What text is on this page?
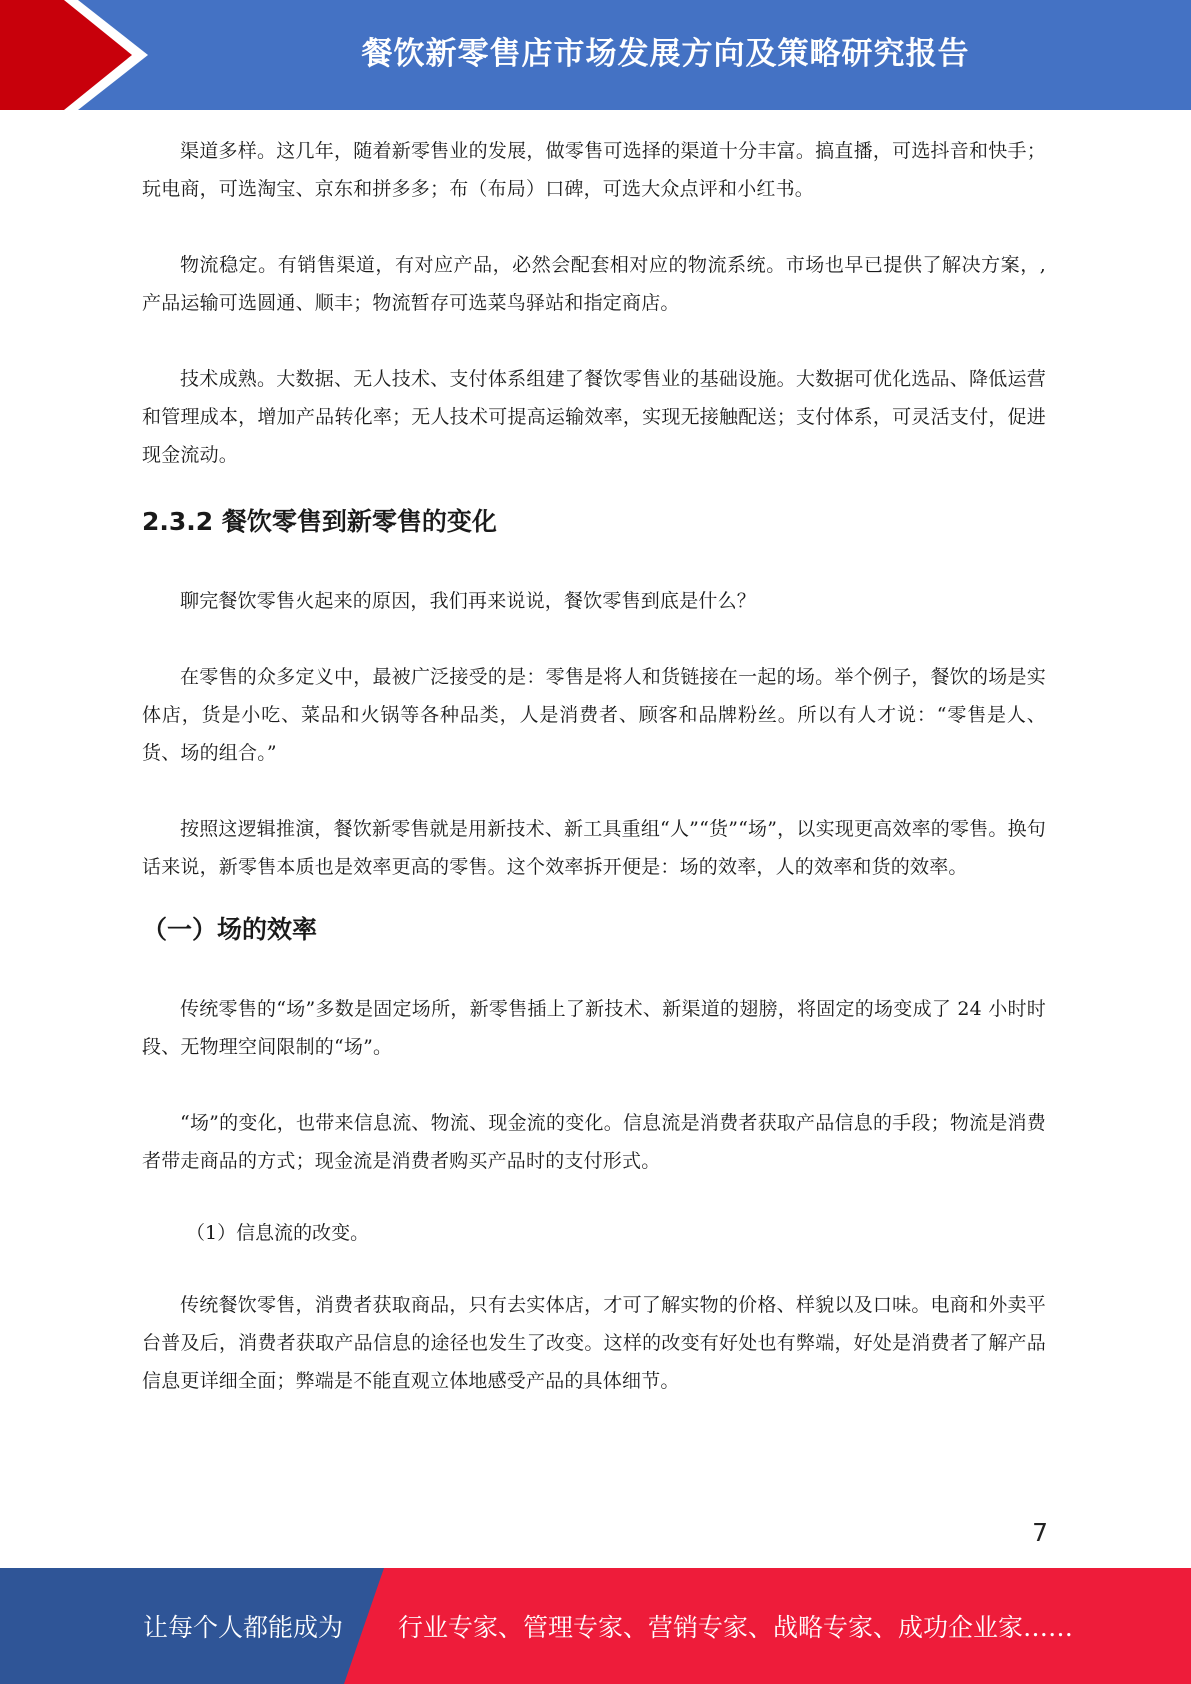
餐饮新零售店市场发展方向及策略研究报告

渠道多样。这几年，随着新零售业的发展，做零售可选择的渠道十分丰富。搞直播，可选抖音和快手；玩电商，可选淘宝、京东和拼多多；布（布局）口碑，可选大众点评和小红书。

物流稳定。有销售渠道，有对应产品，必然会配套相对应的物流系统。市场也早已提供了解决方案，,产品运输可选圆通、顺丰；物流暂存可选菜鸟驿站和指定商店。

技术成熟。大数据、无人技术、支付体系组建了餐饮零售业的基础设施。大数据可优化选品、降低运营和管理成本，增加产品转化率；无人技术可提高运输效率，实现无接触配送；支付体系，可灵活支付，促进现金流动。

2.3.2 餐饮零售到新零售的变化

聊完餐饮零售火起来的原因，我们再来说说，餐饮零售到底是什么？

在零售的众多定义中，最被广泛接受的是：零售是将人和货链接在一起的场。举个例子，餐饮的场是实体店，货是小吃、菜品和火锅等各种品类，人是消费者、顾客和品牌粉丝。所以有人才说：“零售是人、货、场的组合。”

按照这逻辑推演，餐饮新零售就是用新技术、新工具重组“人”“货”“场”，以实现更高效率的零售。换句话来说，新零售本质也是效率更高的零售。这个效率拆开便是：场的效率，人的效率和货的效率。

（一）场的效率

传统零售的“场”多数是固定场所，新零售插上了新技术、新渠道的翅膀，将固定的场变成了 24 小时时段、无物理空间限制的“场”。

“场”的变化，也带来信息流、物流、现金流的变化。信息流是消费者获取产品信息的手段；物流是消费者带走商品的方式；现金流是消费者购买产品时的支付形式。

（1）信息流的改变。

传统餐饮零售，消费者获取商品，只有去实体店，才可了解实物的价格、样貌以及口味。电商和外卖平台普及后，消费者获取产品信息的途径也发生了改变。这样的改变有好处也有弊端，好处是消费者了解产品信息更详细全面；弊端是不能直观立体地感受产品的具体细节。

7
让每个人都能成为 行业专家、管理专家、营销专家、战略专家、成功企业家……
